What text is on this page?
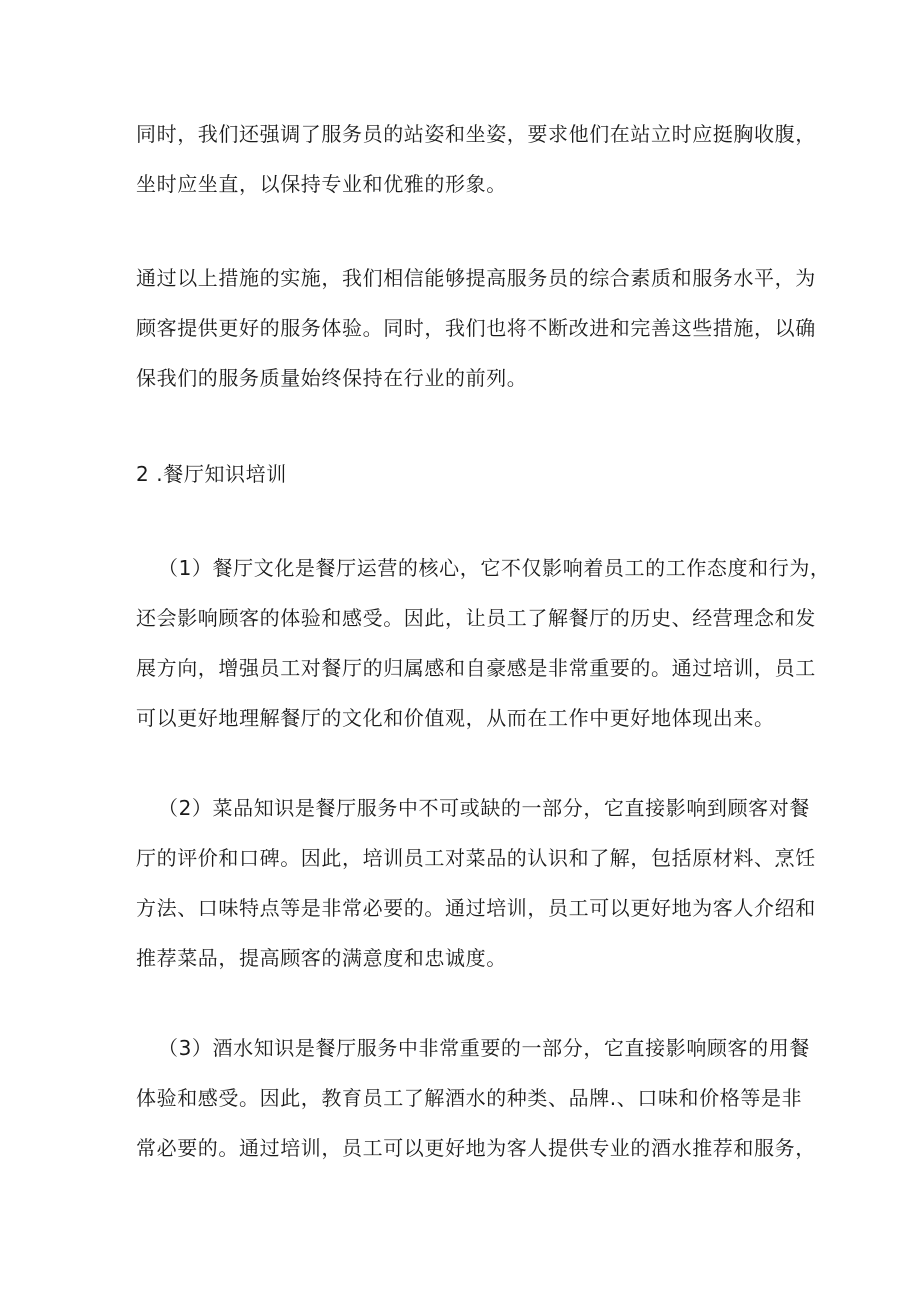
同时，我们还强调了服务员的站姿和坐姿，要求他们在站立时应挺胸收腹，
坐时应坐直，以保持专业和优雅的形象。
通过以上措施的实施，我们相信能够提高服务员的综合素质和服务水平，为
顾客提供更好的服务体验。同时，我们也将不断改进和完善这些措施，以确
保我们的服务质量始终保持在行业的前列。
2 .餐厅知识培训
（1）餐厅文化是餐厅运营的核心，它不仅影响着员工的工作态度和行为，
还会影响顾客的体验和感受。因此，让员工了解餐厅的历史、经营理念和发
展方向，增强员工对餐厅的归属感和自豪感是非常重要的。通过培训，员工
可以更好地理解餐厅的文化和价值观，从而在工作中更好地体现出来。
（2）菜品知识是餐厅服务中不可或缺的一部分，它直接影响到顾客对餐
厅的评价和口碑。因此，培训员工对菜品的认识和了解，包括原材料、烹饪
方法、口味特点等是非常必要的。通过培训，员工可以更好地为客人介绍和
推荐菜品，提高顾客的满意度和忠诚度。
（3）酒水知识是餐厅服务中非常重要的一部分，它直接影响顾客的用餐
体验和感受。因此，教育员工了解酒水的种类、品牌.、口味和价格等是非
常必要的。通过培训，员工可以更好地为客人提供专业的酒水推荐和服务，
